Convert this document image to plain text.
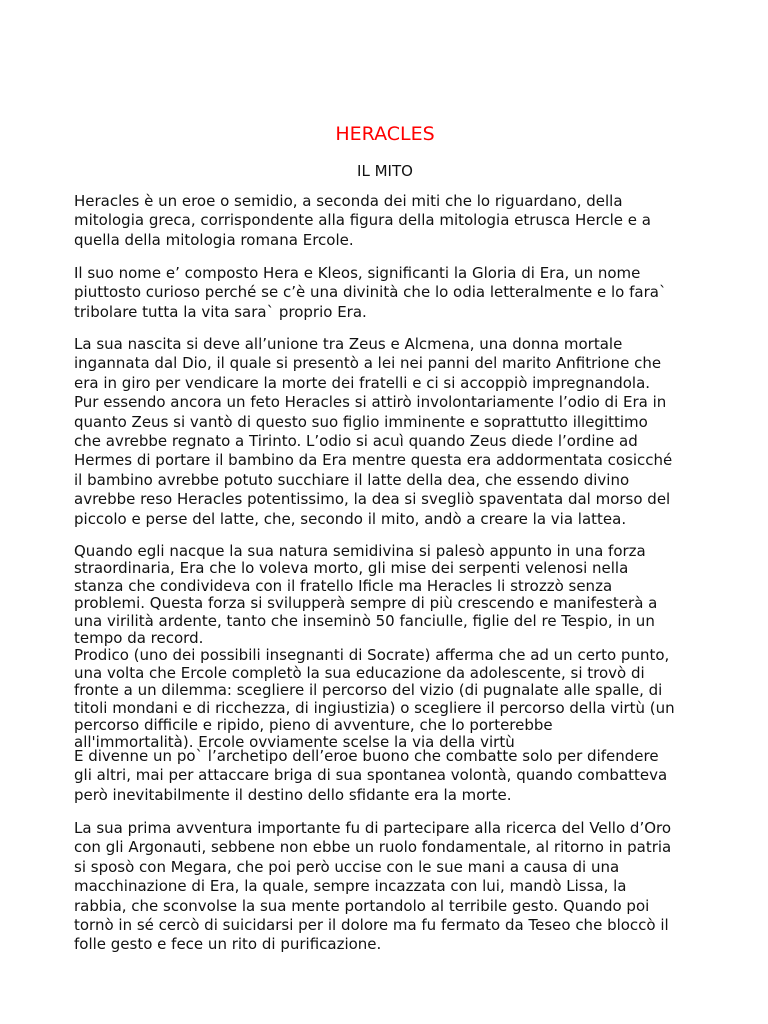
HERACLES
IL MITO

Heracles è un eroe o semidio, a seconda dei miti che lo riguardano, della
mitologia greca, corrispondente alla figura della mitologia etrusca Hercle e a
quella della mitologia romana Ercole.

Il suo nome e’ composto Hera e Kleos, significanti la Gloria di Era, un nome
piuttosto curioso perché se c’è una divinità che lo odia letteralmente e lo fara`
tribolare tutta la vita sara` proprio Era.

La sua nascita si deve all’unione tra Zeus e Alcmena, una donna mortale
ingannata dal Dio, il quale si presentò a lei nei panni del marito Anfitrione che
era in giro per vendicare la morte dei fratelli e ci si accoppiò impregnandola.
Pur essendo ancora un feto Heracles si attirò involontariamente l’odio di Era in
quanto Zeus si vantò di questo suo figlio imminente e soprattutto illegittimo
che avrebbe regnato a Tirinto. L’odio si acuì quando Zeus diede l’ordine ad
Hermes di portare il bambino da Era mentre questa era addormentata cosicché
il bambino avrebbe potuto succhiare il latte della dea, che essendo divino
avrebbe reso Heracles potentissimo, la dea si svegliò spaventata dal morso del
piccolo e perse del latte, che, secondo il mito, andò a creare la via lattea.

Quando egli nacque la sua natura semidivina si palesò appunto in una forza
straordinaria, Era che lo voleva morto, gli mise dei serpenti velenosi nella
stanza che condivideva con il fratello Ificle ma Heracles li strozzò senza
problemi. Questa forza si svilupperà sempre di più crescendo e manifesterà a
una virilità ardente, tanto che inseminò 50 fanciulle, figlie del re Tespio, in un
tempo da record.
Prodico (uno dei possibili insegnanti di Socrate) afferma che ad un certo punto,
una volta che Ercole completò la sua educazione da adolescente, si trovò di
fronte a un dilemma: scegliere il percorso del vizio (di pugnalate alle spalle, di
titoli mondani e di ricchezza, di ingiustizia) o scegliere il percorso della virtù (un
percorso difficile e ripido, pieno di avventure, che lo porterebbe
all'immortalità). Ercole ovviamente scelse la via della virtù

E divenne un po` l’archetipo dell’eroe buono che combatte solo per difendere
gli altri, mai per attaccare briga di sua spontanea volontà, quando combatteva
però inevitabilmente il destino dello sfidante era la morte.

La sua prima avventura importante fu di partecipare alla ricerca del Vello d’Oro
con gli Argonauti, sebbene non ebbe un ruolo fondamentale, al ritorno in patria
si sposò con Megara, che poi però uccise con le sue mani a causa di una
macchinazione di Era, la quale, sempre incazzata con lui, mandò Lissa, la
rabbia, che sconvolse la sua mente portandolo al terribile gesto. Quando poi
tornò in sé cercò di suicidarsi per il dolore ma fu fermato da Teseo che bloccò il
folle gesto e fece un rito di purificazione.
